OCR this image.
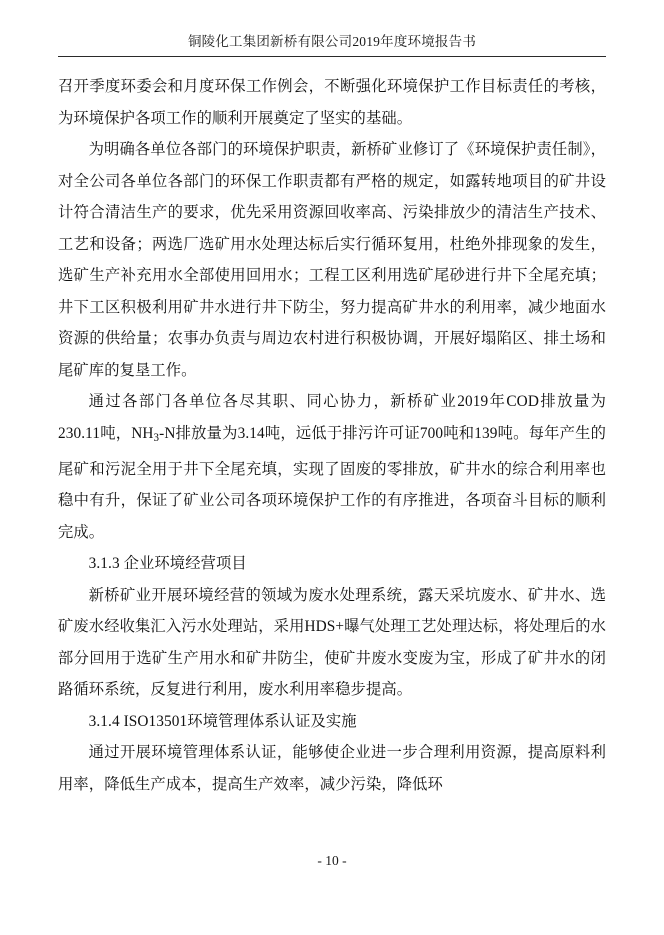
铜陵化工集团新桥有限公司2019年度环境报告书

召开季度环委会和月度环保工作例会，不断强化环境保护工作目标责任的考核，为环境保护各项工作的顺利开展奠定了坚实的基础。

为明确各单位各部门的环境保护职责，新桥矿业修订了《环境保护责任制》，对全公司各单位各部门的环保工作职责都有严格的规定，如露转地项目的矿井设计符合清洁生产的要求，优先采用资源回收率高、污染排放少的清洁生产技术、工艺和设备；两选厂选矿用水处理达标后实行循环复用，杜绝外排现象的发生，选矿生产补充用水全部使用回用水；工程工区利用选矿尾砂进行井下全尾充填；井下工区积极利用矿井水进行井下防尘，努力提高矿井水的利用率，减少地面水资源的供给量；农事办负责与周边农村进行积极协调，开展好塌陷区、排土场和尾矿库的复垦工作。

通过各部门各单位各尽其职、同心协力，新桥矿业2019年COD排放量为230.11吨，$NH_3-N$排放量为3.14吨，远低于排污许可证700吨和139吨。每年产生的尾矿和污泥全用于井下全尾充填，实现了固废的零排放，矿井水的综合利用率也稳中有升，保证了矿业公司各项环境保护工作的有序推进，各项奋斗目标的顺利完成。

3.1.3 企业环境经营项目

新桥矿业开展环境经营的领域为废水处理系统，露天采坑废水、矿井水、选矿废水经收集汇入污水处理站，采用HDS+曝气处理工艺处理达标，将处理后的水部分回用于选矿生产用水和矿井防尘，使矿井废水变废为宝，形成了矿井水的闭路循环系统，反复进行利用，废水利用率稳步提高。

3.1.4 ISO13501环境管理体系认证及实施

通过开展环境管理体系认证，能够使企业进一步合理利用资源，提高原料利用率，降低生产成本，提高生产效率，减少污染，降低环

- 10 -
